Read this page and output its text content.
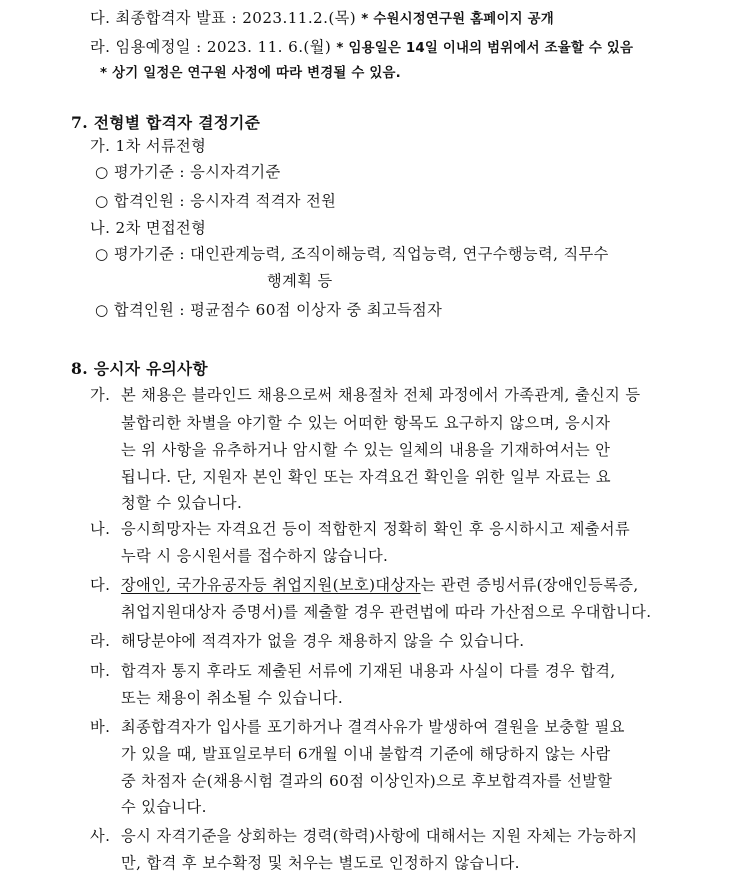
다. 최종합격자 발표 : 2023.11.2.(목) * 수원시정연구원 홈페이지 공개
라. 임용예정일 : 2023. 11. 6.(월) * 임용일은 14일 이내의 범위에서 조율할 수 있음
* 상기 일정은 연구원 사정에 따라 변경될 수 있음.
7. 전형별 합격자 결정기준
가. 1차 서류전형
○ 평가기준 : 응시자격기준
○ 합격인원 : 응시자격 적격자 전원
나. 2차 면접전형
○ 평가기준 : 대인관계능력, 조직이해능력, 직업능력, 연구수행능력, 직무수
행계획 등
○ 합격인원 : 평균점수 60점 이상자 중 최고득점자
8. 응시자 유의사항
가. 본 채용은 블라인드 채용으로써 채용절차 전체 과정에서 가족관계, 출신지 등
불합리한 차별을 야기할 수 있는 어떠한 항목도 요구하지 않으며, 응시자
는 위 사항을 유추하거나 암시할 수 있는 일체의 내용을 기재하여서는 안
됩니다. 단, 지원자 본인 확인 또는 자격요건 확인을 위한 일부 자료는 요
청할 수 있습니다.
나. 응시희망자는 자격요건 등이 적합한지 정확히 확인 후 응시하시고 제출서류
누락 시 응시원서를 접수하지 않습니다.
다. 장애인, 국가유공자등 취업지원(보호)대상자는 관련 증빙서류(장애인등록증,
취업지원대상자 증명서)를 제출할 경우 관련법에 따라 가산점으로 우대합니다.
라. 해당분야에 적격자가 없을 경우 채용하지 않을 수 있습니다.
마. 합격자 통지 후라도 제출된 서류에 기재된 내용과 사실이 다를 경우 합격,
또는 채용이 취소될 수 있습니다.
바. 최종합격자가 입사를 포기하거나 결격사유가 발생하여 결원을 보충할 필요
가 있을 때, 발표일로부터 6개월 이내 불합격 기준에 해당하지 않는 사람
중 차점자 순(채용시험 결과의 60점 이상인자)으로 후보합격자를 선발할
수 있습니다.
사. 응시 자격기준을 상회하는 경력(학력)사항에 대해서는 지원 자체는 가능하지
만, 합격 후 보수확정 및 처우는 별도로 인정하지 않습니다.
